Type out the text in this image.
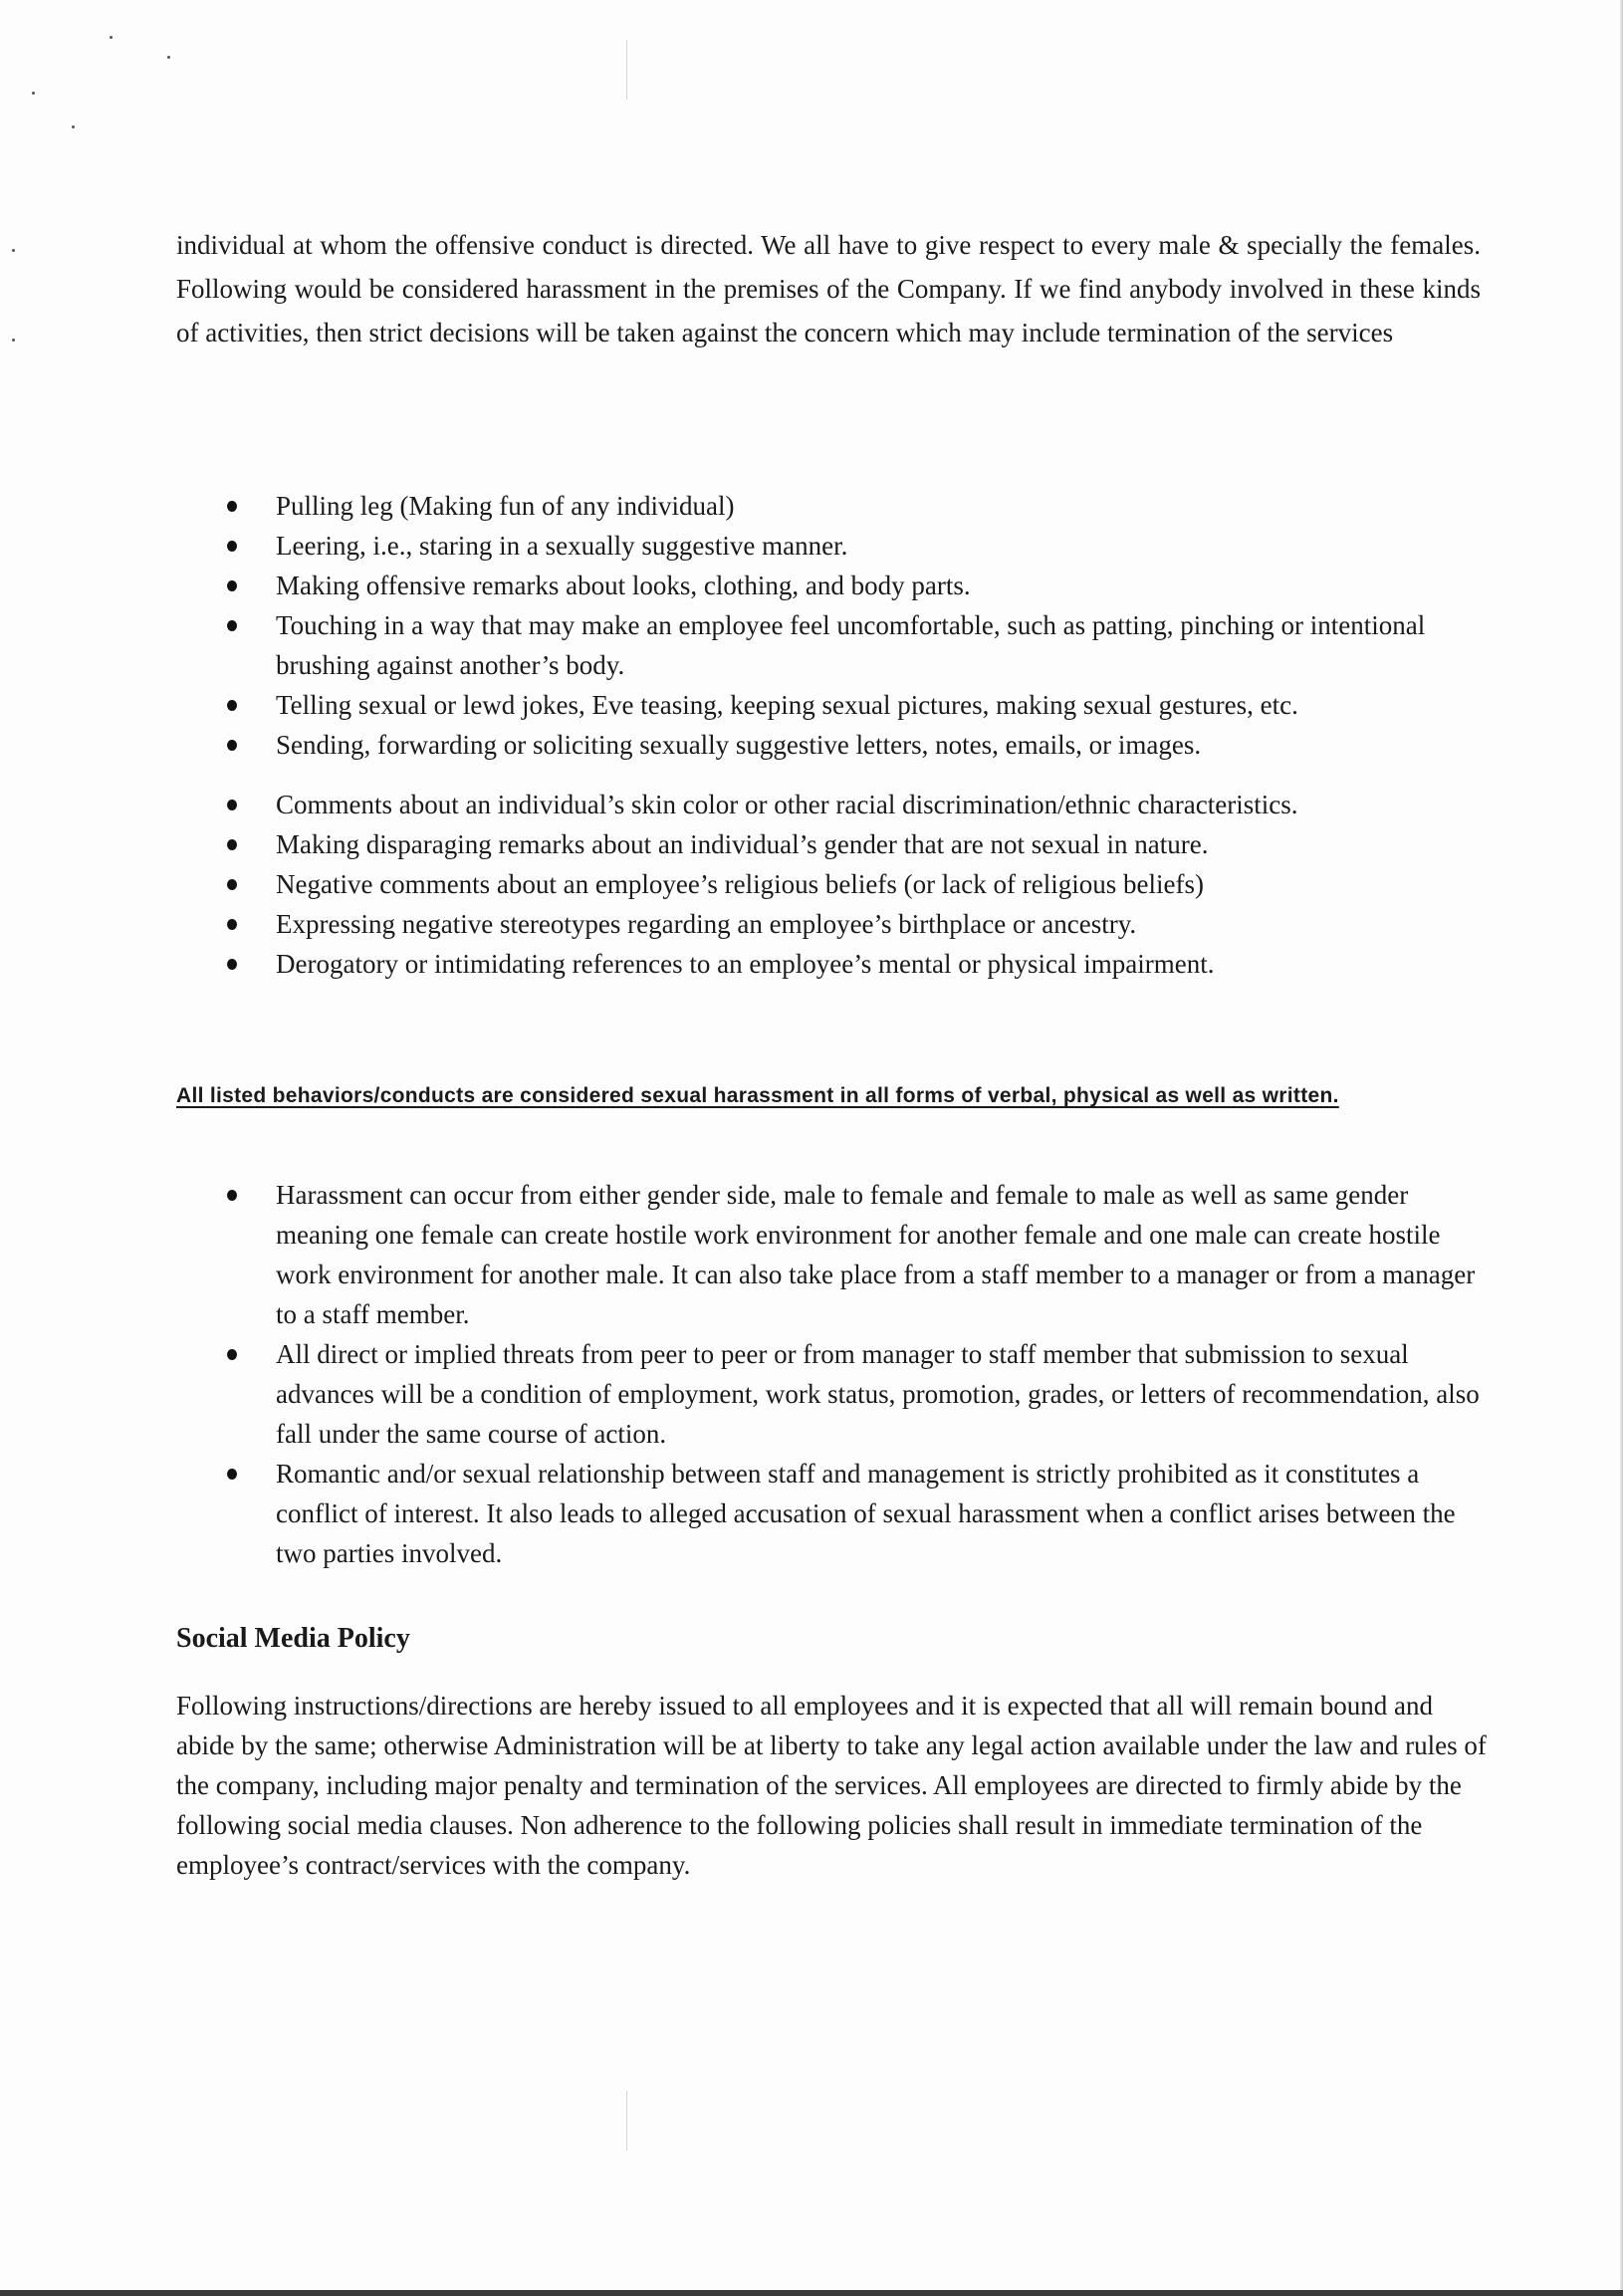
individual at whom the offensive conduct is directed. We all have to give respect to every male & specially the females. Following would be considered harassment in the premises of the Company. If we find anybody involved in these kinds of activities, then strict decisions will be taken against the concern which may include termination of the services

Pulling leg (Making fun of any individual)
Leering, i.e., staring in a sexually suggestive manner.
Making offensive remarks about looks, clothing, and body parts.
Touching in a way that may make an employee feel uncomfortable, such as patting, pinching or intentional brushing against another’s body.
Telling sexual or lewd jokes, Eve teasing, keeping sexual pictures, making sexual gestures, etc.
Sending, forwarding or soliciting sexually suggestive letters, notes, emails, or images.
Comments about an individual’s skin color or other racial discrimination/ethnic characteristics.
Making disparaging remarks about an individual’s gender that are not sexual in nature.
Negative comments about an employee’s religious beliefs (or lack of religious beliefs)
Expressing negative stereotypes regarding an employee’s birthplace or ancestry.
Derogatory or intimidating references to an employee’s mental or physical impairment.

All listed behaviors/conducts are considered sexual harassment in all forms of verbal, physical as well as written.

Harassment can occur from either gender side, male to female and female to male as well as same gender meaning one female can create hostile work environment for another female and one male can create hostile work environment for another male. It can also take place from a staff member to a manager or from a manager to a staff member.
All direct or implied threats from peer to peer or from manager to staff member that submission to sexual advances will be a condition of employment, work status, promotion, grades, or letters of recommendation, also fall under the same course of action.
Romantic and/or sexual relationship between staff and management is strictly prohibited as it constitutes a conflict of interest. It also leads to alleged accusation of sexual harassment when a conflict arises between the two parties involved.
Social Media Policy

Following instructions/directions are hereby issued to all employees and it is expected that all will remain bound and abide by the same; otherwise Administration will be at liberty to take any legal action available under the law and rules of the company, including major penalty and termination of the services. All employees are directed to firmly abide by the following social media clauses. Non adherence to the following policies shall result in immediate termination of the employee’s contract/services with the company.
